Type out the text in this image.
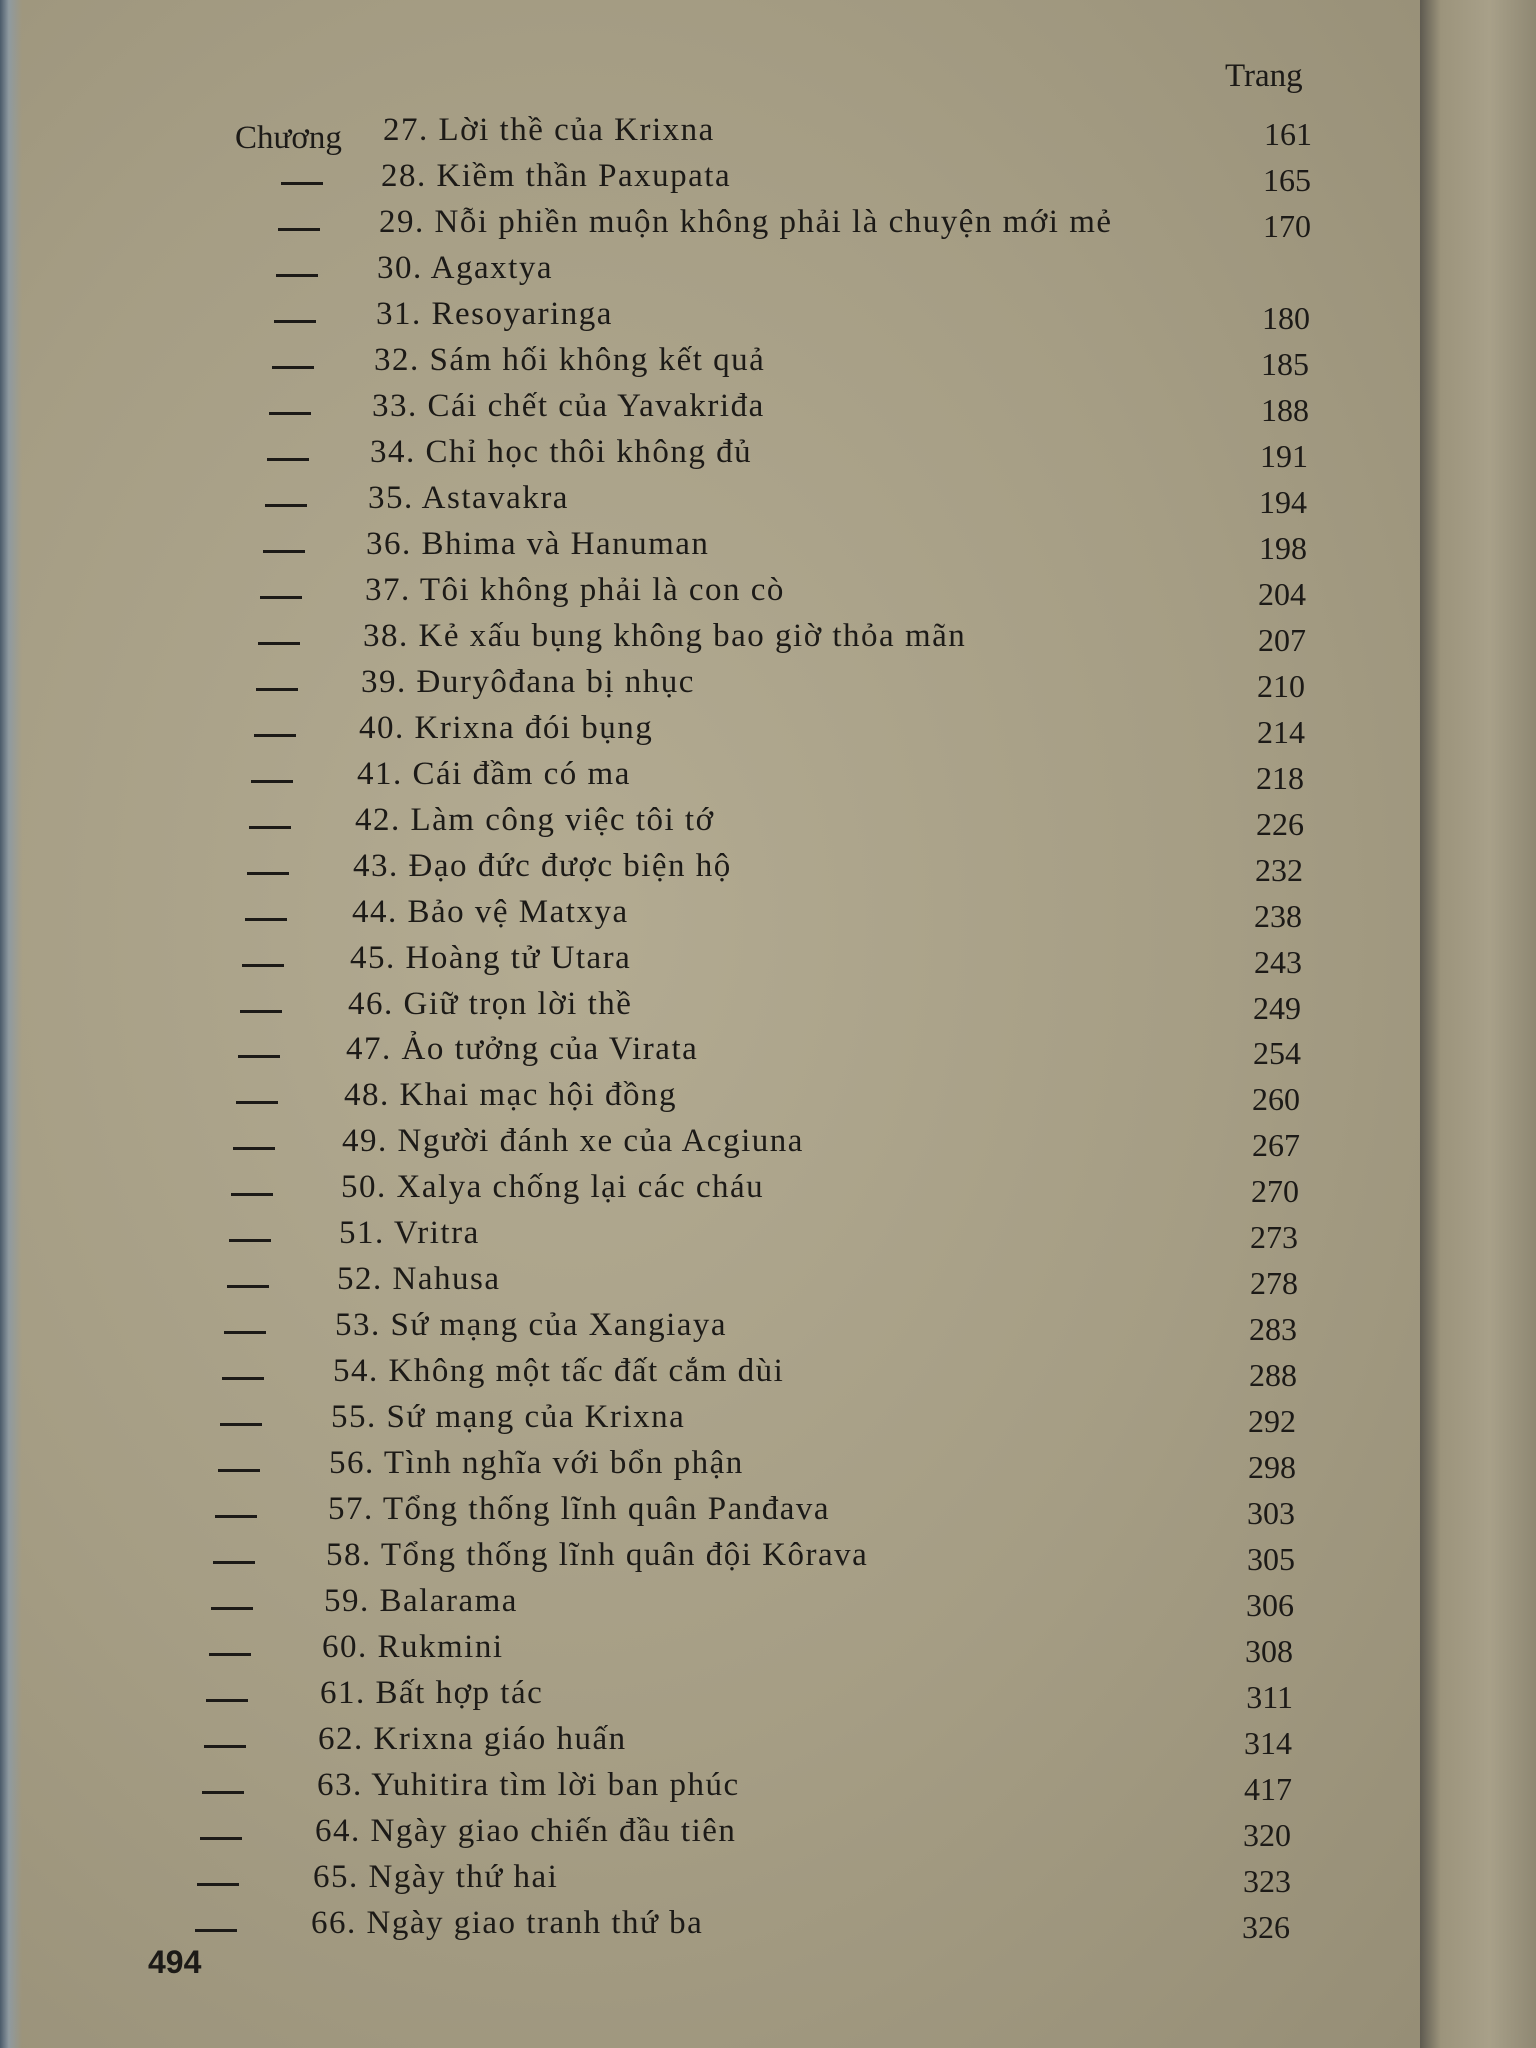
Trang
Chương 27. Lời thề của Krixna	161
28. Kiềm thần Paxupata	165
29. Nỗi phiền muộn không phải là chuyện mới mẻ	170
30. Agaxtya
31. Resoyaringa	180
32. Sám hối không kết quả	185
33. Cái chết của Yavakriđa	188
34. Chỉ học thôi không đủ	191
35. Astavakra	194
36. Bhima và Hanuman	198
37. Tôi không phải là con cò	204
38. Kẻ xấu bụng không bao giờ thỏa mãn	207
39. Đuryôđana bị nhục	210
40. Krixna đói bụng	214
41. Cái đầm có ma	218
42. Làm công việc tôi tớ	226
43. Đạo đức được biện hộ	232
44. Bảo vệ Matxya	238
45. Hoàng tử Utara	243
46. Giữ trọn lời thề	249
47. Ảo tưởng của Virata	254
48. Khai mạc hội đồng	260
49. Người đánh xe của Acgiuna	267
50. Xalya chống lại các cháu	270
51. Vritra	273
52. Nahusa	278
53. Sứ mạng của Xangiaya	283
54. Không một tấc đất cắm dùi	288
55. Sứ mạng của Krixna	292
56. Tình nghĩa với bổn phận	298
57. Tổng thống lĩnh quân Panđava	303
58. Tổng thống lĩnh quân đội Kôrava	305
59. Balarama	306
60. Rukmini	308
61. Bất hợp tác	311
62. Krixna giáo huấn	314
63. Yuhitira tìm lời ban phúc	417
64. Ngày giao chiến đầu tiên	320
65. Ngày thứ hai	323
66. Ngày giao tranh thứ ba	326
494
